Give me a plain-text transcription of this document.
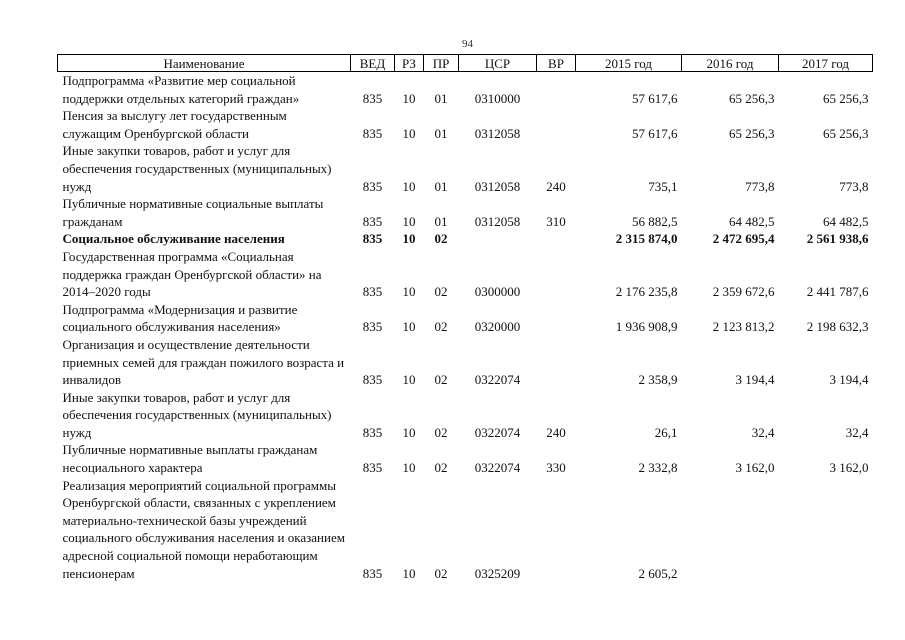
94
Наименование	ВЕД	РЗ	ПР	ЦСР	ВР	2015 год	2016 год	2017 год
Подпрограмма «Развитие мер социальной поддержки отдельных категорий граждан»	835	10	01	0310000		57 617,6	65 256,3	65 256,3
Пенсия за выслугу лет государственным служащим Оренбургской области	835	10	01	0312058		57 617,6	65 256,3	65 256,3
Иные закупки товаров, работ и услуг для обеспечения государственных (муниципальных) нужд	835	10	01	0312058	240	735,1	773,8	773,8
Публичные нормативные социальные выплаты гражданам	835	10	01	0312058	310	56 882,5	64 482,5	64 482,5
Социальное обслуживание населения	835	10	02			2 315 874,0	2 472 695,4	2 561 938,6
Государственная программа «Социальная поддержка граждан Оренбургской области» на 2014–2020 годы	835	10	02	0300000		2 176 235,8	2 359 672,6	2 441 787,6
Подпрограмма «Модернизация и развитие социального обслуживания населения»	835	10	02	0320000		1 936 908,9	2 123 813,2	2 198 632,3
Организация и осуществление деятельности приемных семей для граждан пожилого возраста и инвалидов	835	10	02	0322074		2 358,9	3 194,4	3 194,4
Иные закупки товаров, работ и услуг для обеспечения государственных (муниципальных) нужд	835	10	02	0322074	240	26,1	32,4	32,4
Публичные нормативные выплаты гражданам несоциального характера	835	10	02	0322074	330	2 332,8	3 162,0	3 162,0
Реализация мероприятий социальной программы Оренбургской области, связанных с укреплением материально-технической базы учреждений социального обслуживания населения и оказанием адресной социальной помощи неработающим пенсионерам	835	10	02	0325209		2 605,2		
